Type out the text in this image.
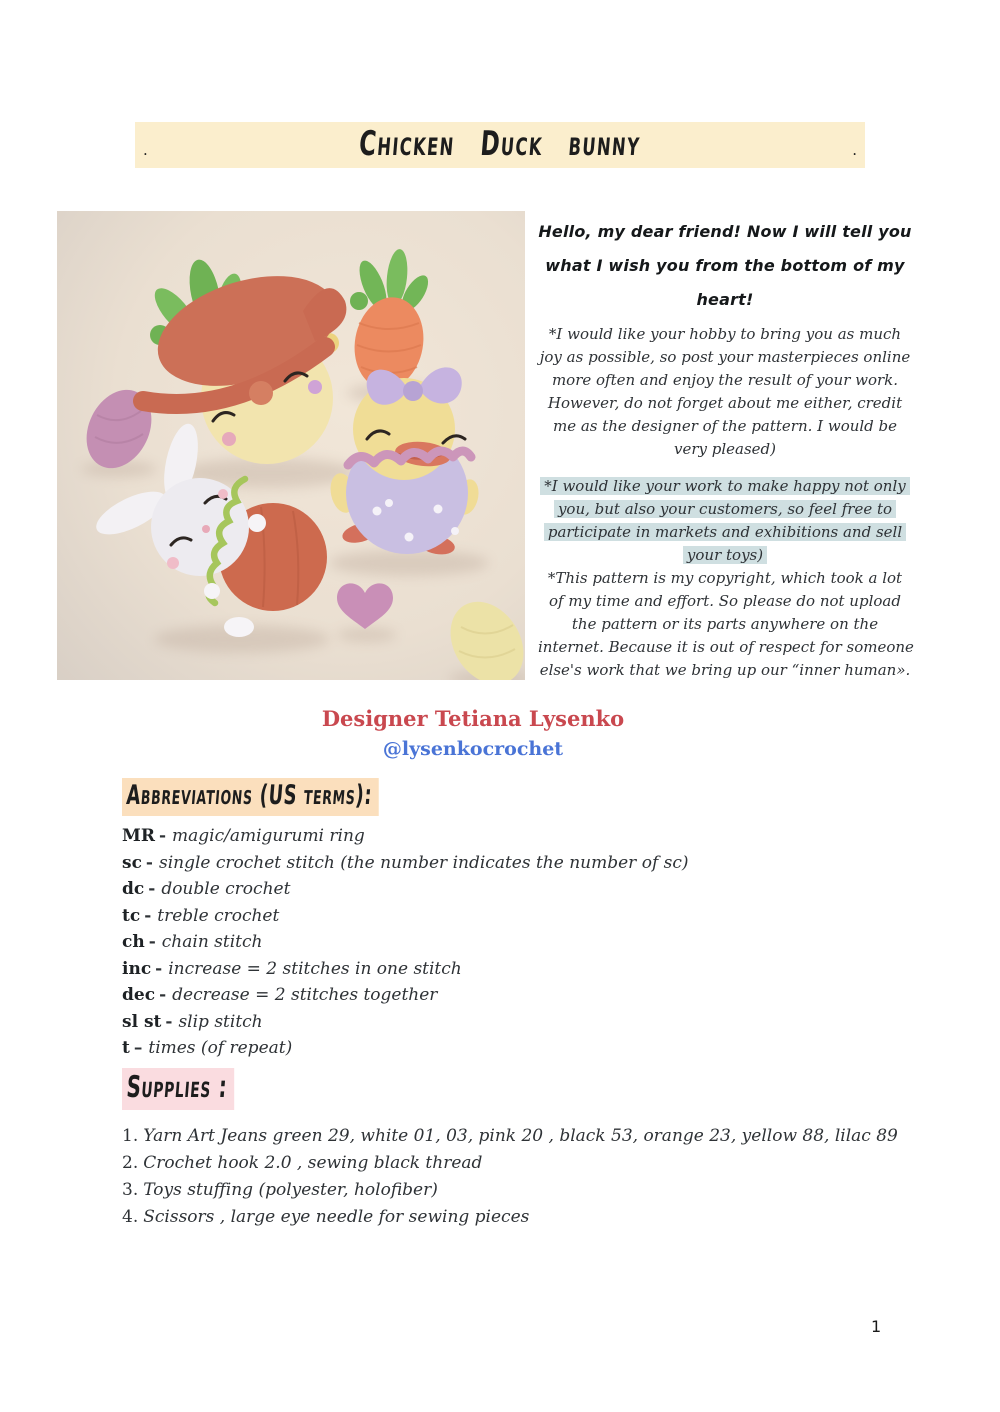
.	Chicken Duck bunny	.
Hello, my dear friend! Now I will tell you
what I wish you from the bottom of my
heart!
*I would like your hobby to bring you as much
joy as possible, so post your masterpieces online
more often and enjoy the result of your work.
However, do not forget about me either, credit
me as the designer of the pattern. I would be
very pleased)
*I would like your work to make happy not only
you, but also your customers, so feel free to
participate in markets and exhibitions and sell
your toys)
*This pattern is my copyright, which took a lot
of my time and effort. So please do not upload
the pattern or its parts anywhere on the
internet. Because it is out of respect for someone
else's work that we bring up our “inner human».
Designer Tetiana Lysenko
@lysenkocrochet
Abbreviations (US terms):
MR - magic/amigurumi ring
sc - single crochet stitch (the number indicates the number of sc)
dc - double crochet
tc - treble crochet
ch - chain stitch
inc - increase = 2 stitches in one stitch
dec - decrease = 2 stitches together
sl st - slip stitch
t – times (of repeat)
Supplies :
1. Yarn Art Jeans green 29, white 01, 03, pink 20 , black 53, orange 23, yellow 88, lilac 89
2. Crochet hook 2.0 , sewing black thread
3. Toys stuffing (polyester, holofiber)
4. Scissors , large eye needle for sewing pieces
1
